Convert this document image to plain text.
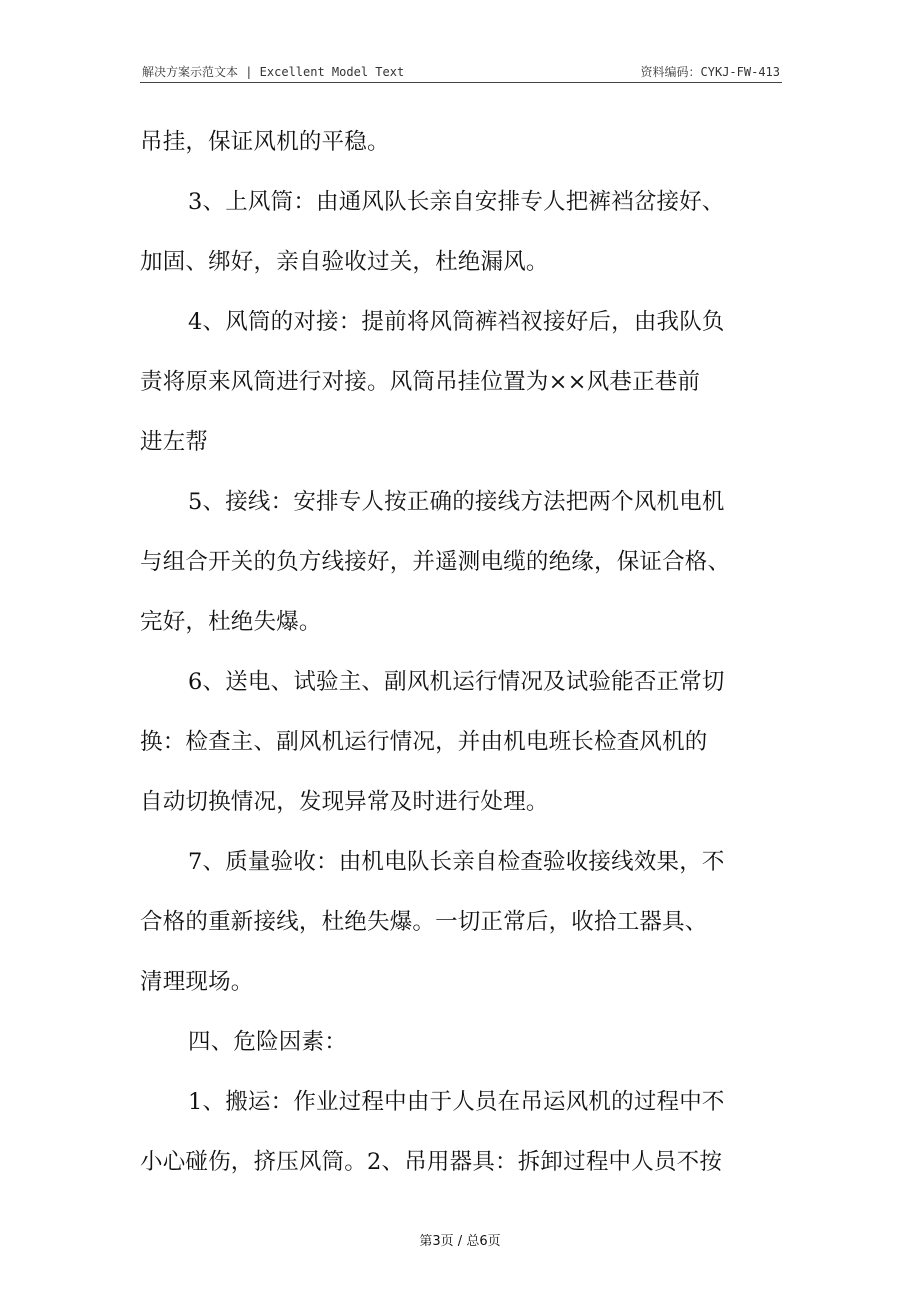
解决方案示范文本 | Excellent Model Text	资料编码：CYKJ-FW-413
吊挂，保证风机的平稳。
3、上风筒：由通风队长亲自安排专人把裤裆岔接好、
加固、绑好，亲自验收过关，杜绝漏风。
4、风筒的对接：提前将风筒裤裆衩接好后，由我队负
责将原来风筒进行对接。风筒吊挂位置为××风巷正巷前
进左帮
5、接线：安排专人按正确的接线方法把两个风机电机
与组合开关的负方线接好，并遥测电缆的绝缘，保证合格、
完好，杜绝失爆。
6、送电、试验主、副风机运行情况及试验能否正常切
换：检查主、副风机运行情况，并由机电班长检查风机的
自动切换情况，发现异常及时进行处理。
7、质量验收：由机电队长亲自检查验收接线效果，不
合格的重新接线，杜绝失爆。一切正常后，收拾工器具、
清理现场。
四、危险因素：
1、搬运：作业过程中由于人员在吊运风机的过程中不
小心碰伤，挤压风筒。2、吊用器具：拆卸过程中人员不按
第3页 / 总6页
